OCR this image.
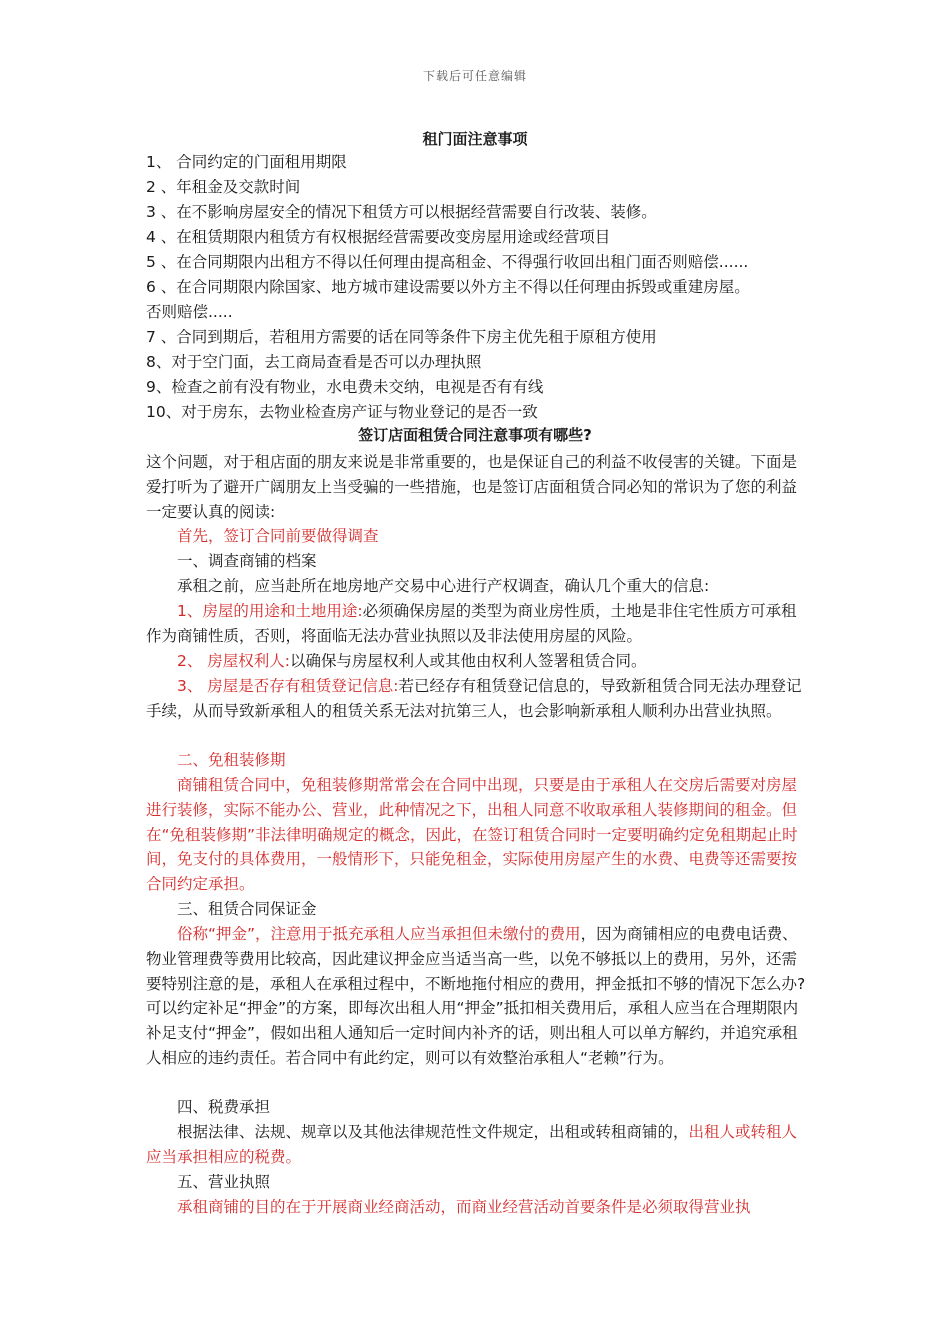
下载后可任意编辑
租门面注意事项
1、 合同约定的门面租用期限
2 、年租金及交款时间
3 、在不影响房屋安全的情况下租赁方可以根据经营需要自行改装、装修。
4 、在租赁期限内租赁方有权根据经营需要改变房屋用途或经营项目
5 、在合同期限内出租方不得以任何理由提高租金、不得强行收回出租门面否则赔偿......
6 、在合同期限内除国家、地方城市建设需要以外方主不得以任何理由拆毁或重建房屋。
否则赔偿.....
7 、合同到期后，若租用方需要的话在同等条件下房主优先租于原租方使用
8、对于空门面，去工商局查看是否可以办理执照
9、检查之前有没有物业，水电费未交纳，电视是否有有线
10、对于房东，去物业检查房产证与物业登记的是否一致
签订店面租赁合同注意事项有哪些?
这个问题，对于租店面的朋友来说是非常重要的，也是保证自己的利益不收侵害的关键。下面是爱打听为了避开广阔朋友上当受骗的一些措施，也是签订店面租赁合同必知的常识为了您的利益一定要认真的阅读:
首先，签订合同前要做得调查
一、调查商铺的档案
承租之前，应当赴所在地房地产交易中心进行产权调查，确认几个重大的信息:
1、房屋的用途和土地用途:必须确保房屋的类型为商业房性质，土地是非住宅性质方可承租作为商铺性质，否则，将面临无法办营业执照以及非法使用房屋的风险。
2、 房屋权利人:以确保与房屋权利人或其他由权利人签署租赁合同。
3、 房屋是否存有租赁登记信息:若已经存有租赁登记信息的，导致新租赁合同无法办理登记手续，从而导致新承租人的租赁关系无法对抗第三人，也会影响新承租人顺利办出营业执照。
二、免租装修期
商铺租赁合同中，免租装修期常常会在合同中出现，只要是由于承租人在交房后需要对房屋进行装修，实际不能办公、营业，此种情况之下，出租人同意不收取承租人装修期间的租金。但在“免租装修期”非法律明确规定的概念，因此，在签订租赁合同时一定要明确约定免租期起止时间，免支付的具体费用，一般情形下，只能免租金，实际使用房屋产生的水费、电费等还需要按合同约定承担。
三、租赁合同保证金
俗称“押金”，注意用于抵充承租人应当承担但未缴付的费用，因为商铺相应的电费电话费、物业管理费等费用比较高，因此建议押金应当适当高一些，以免不够抵以上的费用，另外，还需要特别注意的是，承租人在承租过程中，不断地拖付相应的费用，押金抵扣不够的情况下怎么办?可以约定补足“押金”的方案，即每次出租人用“押金”抵扣相关费用后，承租人应当在合理期限内补足支付“押金”，假如出租人通知后一定时间内补齐的话，则出租人可以单方解约，并追究承租人相应的违约责任。若合同中有此约定，则可以有效整治承租人“老赖”行为。
四、税费承担
根据法律、法规、规章以及其他法律规范性文件规定，出租或转租商铺的，出租人或转租人应当承担相应的税费。
五、营业执照
承租商铺的目的在于开展商业经商活动，而商业经营活动首要条件是必须取得营业执
